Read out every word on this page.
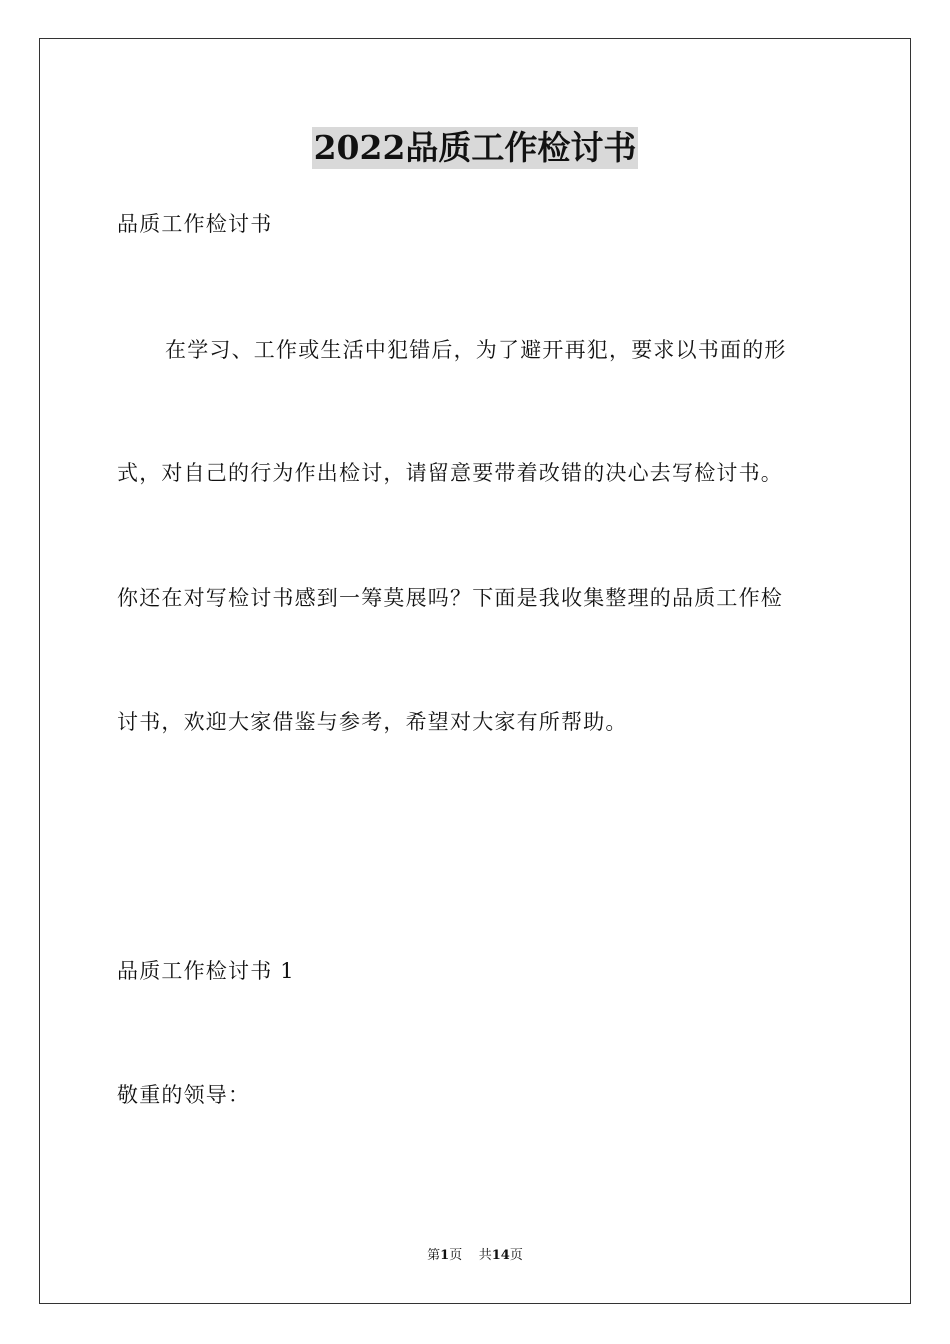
2022品质工作检讨书
品质工作检讨书
在学习、工作或生活中犯错后，为了避开再犯，要求以书面的形
式，对自己的行为作出检讨，请留意要带着改错的决心去写检讨书。
你还在对写检讨书感到一筹莫展吗？下面是我收集整理的品质工作检
讨书，欢迎大家借鉴与参考，希望对大家有所帮助。
品质工作检讨书 1
敬重的领导：
第1页 共14页
